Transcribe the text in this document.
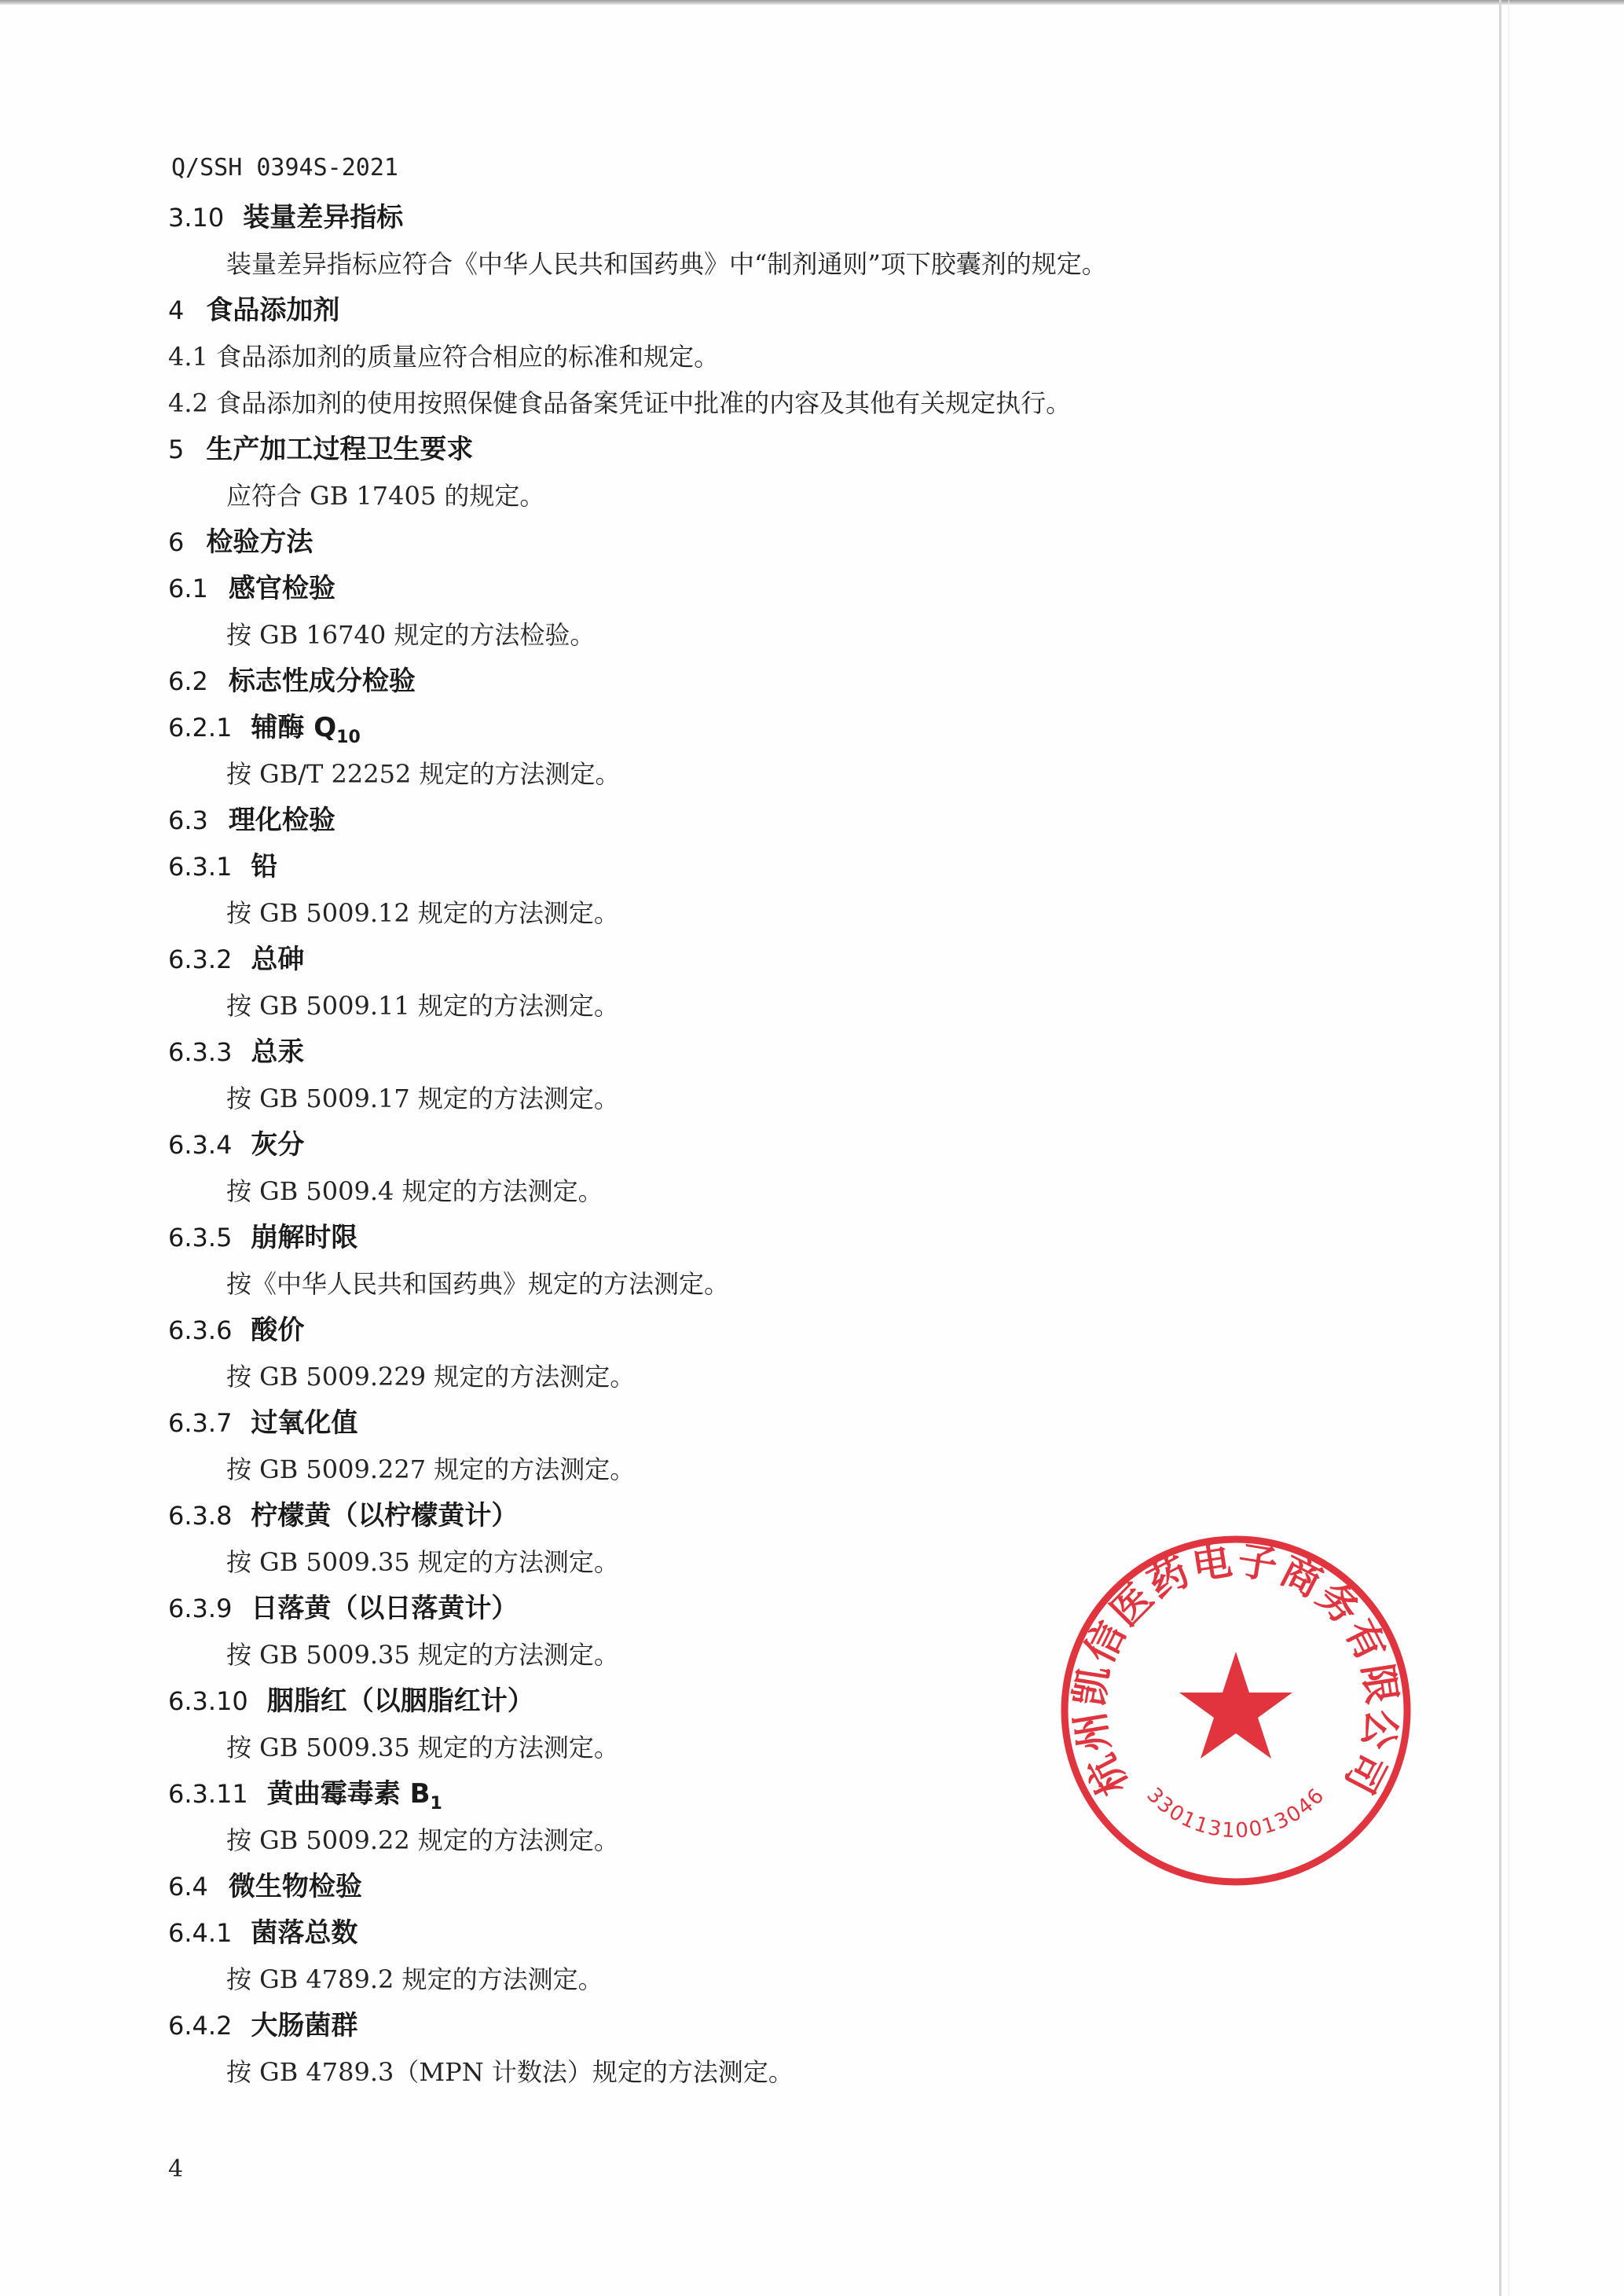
Q/SSH 0394S-2021
3.10 装量差异指标
装量差异指标应符合《中华人民共和国药典》中“制剂通则”项下胶囊剂的规定。
4 食品添加剂
4.1 食品添加剂的质量应符合相应的标准和规定。
4.2 食品添加剂的使用按照保健食品备案凭证中批准的内容及其他有关规定执行。
5 生产加工过程卫生要求
应符合 GB 17405 的规定。
6 检验方法
6.1 感官检验
按 GB 16740 规定的方法检验。
6.2 标志性成分检验
6.2.1 辅酶 $Q_{10}$
按 GB/T 22252 规定的方法测定。
6.3 理化检验
6.3.1 铅
按 GB 5009.12 规定的方法测定。
6.3.2 总砷
按 GB 5009.11 规定的方法测定。
6.3.3 总汞
按 GB 5009.17 规定的方法测定。
6.3.4 灰分
按 GB 5009.4 规定的方法测定。
6.3.5 崩解时限
按《中华人民共和国药典》规定的方法测定。
6.3.6 酸价
按 GB 5009.229 规定的方法测定。
6.3.7 过氧化值
按 GB 5009.227 规定的方法测定。
6.3.8 柠檬黄（以柠檬黄计）
按 GB 5009.35 规定的方法测定。
6.3.9 日落黄（以日落黄计）
按 GB 5009.35 规定的方法测定。
6.3.10 胭脂红（以胭脂红计）
按 GB 5009.35 规定的方法测定。
6.3.11 黄曲霉毒素 $B_1$
按 GB 5009.22 规定的方法测定。
6.4 微生物检验
6.4.1 菌落总数
按 GB 4789.2 规定的方法测定。
6.4.2 大肠菌群
按 GB 4789.3（MPN 计数法）规定的方法测定。
4
杭州凯信医药电子商务有限公司
33011310013046
